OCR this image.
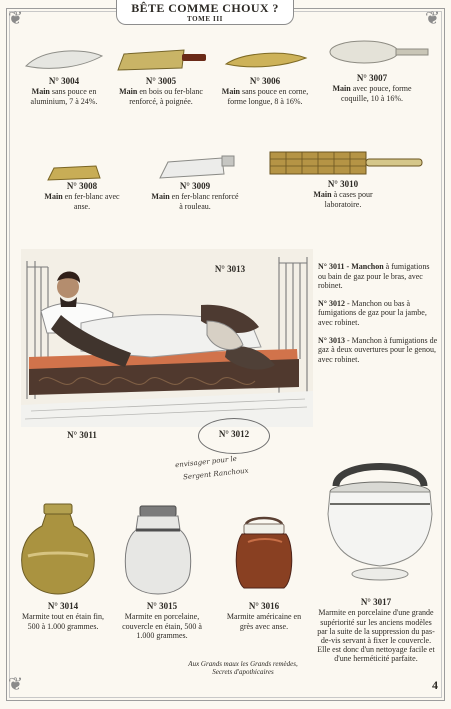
❦	❦
❦
BÊTE COMME CHOUX ?
TOME III
N° 3004
Main sans pouce en aluminium, 7 à 24%.
N° 3005
Main en bois ou fer-blanc renforcé, à poignée.
N° 3006
Main sans pouce en corne, forme longue, 8 à 16%.
N° 3007
Main avec pouce, forme coquille, 10 à 16%.
N° 3008
Main en fer-blanc avec anse.
N° 3009
Main en fer-blanc renforcé à rouleau.
N° 3010
Main à cases pour laboratoire.
N° 3013
N° 3011	N° 3012
envisager pour le
Sergent Ranchoux
N° 3011 - Manchon à fumigations ou bain de gaz pour le bras, avec robinet.
N° 3012 - Manchon ou bas à fumigations de gaz pour la jambe, avec robinet.
N° 3013 - Manchon à fumigations de gaz à deux ouvertures pour le genou, avec robinet.
N° 3014
Marmite tout en étain fin, 500 à 1.000 grammes.
N° 3015
Marmite en porcelaine, couvercle en étain, 500 à 1.000 grammes.
N° 3016
Marmite américaine en grès avec anse.
N° 3017
Marmite en porcelaine d'une grande supériorité sur les anciens modèles par la suite de la suppression du pas-de-vis servant à fixer le couvercle. Elle est donc d'un nettoyage facile et d'une herméticité parfaite.
Aux Grands maux les Grands remèdes,
Secrets d'apothicaires
4
